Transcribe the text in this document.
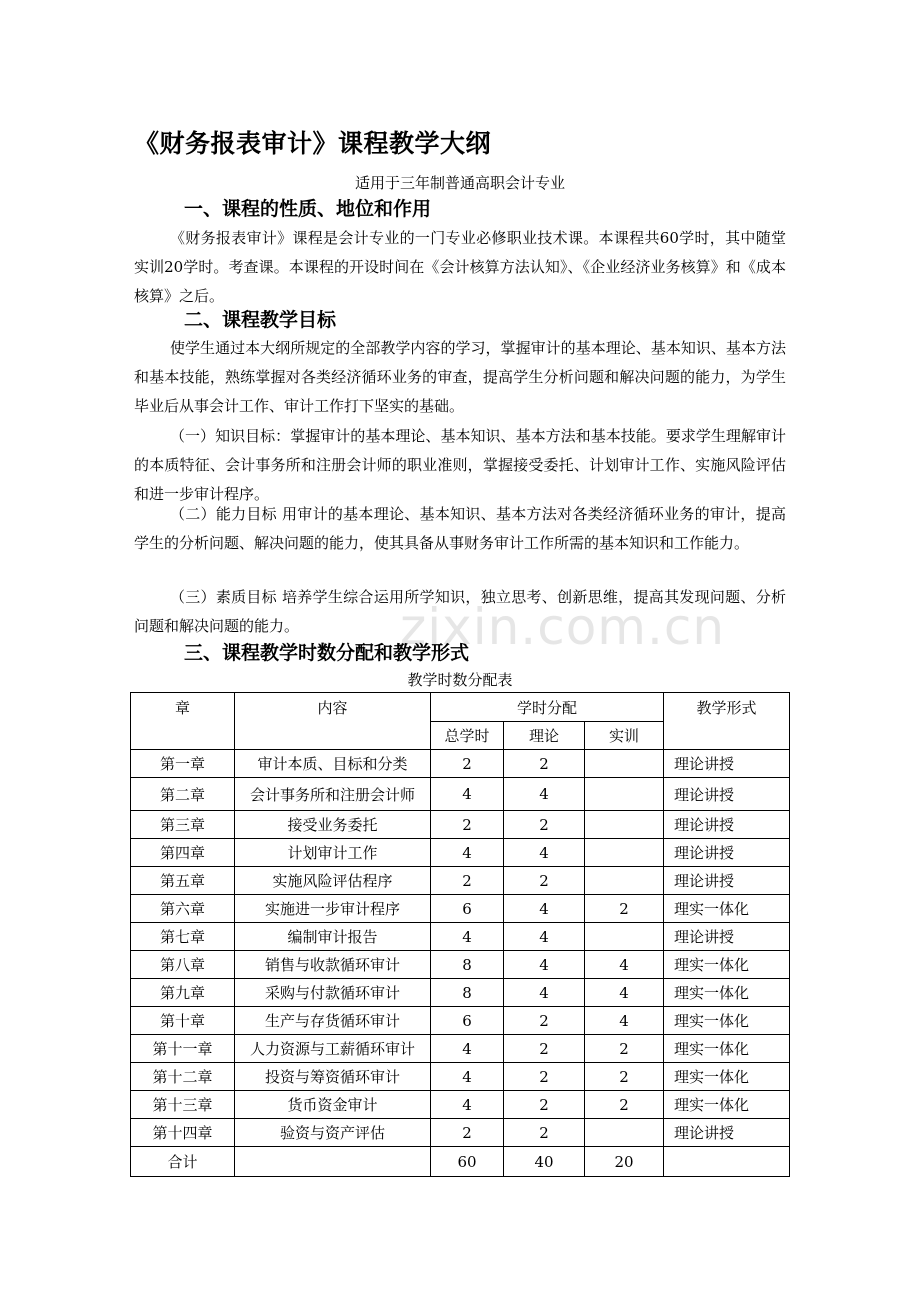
《财务报表审计》课程教学大纲
适用于三年制普通高职会计专业
一、课程的性质、地位和作用
《财务报表审计》课程是会计专业的一门专业必修职业技术课。本课程共60学时，其中随堂实训20学时。考查课。本课程的开设时间在《会计核算方法认知》、《企业经济业务核算》和《成本核算》之后。
二、课程教学目标
使学生通过本大纲所规定的全部教学内容的学习，掌握审计的基本理论、基本知识、基本方法和基本技能，熟练掌握对各类经济循环业务的审查，提高学生分析问题和解决问题的能力，为学生毕业后从事会计工作、审计工作打下坚实的基础。
（一）知识目标：掌握审计的基本理论、基本知识、基本方法和基本技能。要求学生理解审计的本质特征、会计事务所和注册会计师的职业准则，掌握接受委托、计划审计工作、实施风险评估和进一步审计程序。
（二）能力目标 用审计的基本理论、基本知识、基本方法对各类经济循环业务的审计，提高学生的分析问题、解决问题的能力，使其具备从事财务审计工作所需的基本知识和工作能力。
（三）素质目标 培养学生综合运用所学知识，独立思考、创新思维，提高其发现问题、分析问题和解决问题的能力。	zixin.com.cn
三、课程教学时数分配和教学形式
教学时数分配表
章	内容	学时分配			教学形式
		总学时	理论	实训	
第一章	审计本质、目标和分类	2	2		理论讲授
第二章	会计事务所和注册会计师	4	4		理论讲授
第三章	接受业务委托	2	2		理论讲授
第四章	计划审计工作	4	4		理论讲授
第五章	实施风险评估程序	2	2		理论讲授
第六章	实施进一步审计程序	6	4	2	理实一体化
第七章	编制审计报告	4	4		理论讲授
第八章	销售与收款循环审计	8	4	4	理实一体化
第九章	采购与付款循环审计	8	4	4	理实一体化
第十章	生产与存货循环审计	6	2	4	理实一体化
第十一章	人力资源与工薪循环审计	4	2	2	理实一体化
第十二章	投资与筹资循环审计	4	2	2	理实一体化
第十三章	货币资金审计	4	2	2	理实一体化
第十四章	验资与资产评估	2	2		理论讲授
合计		60	40	20	
